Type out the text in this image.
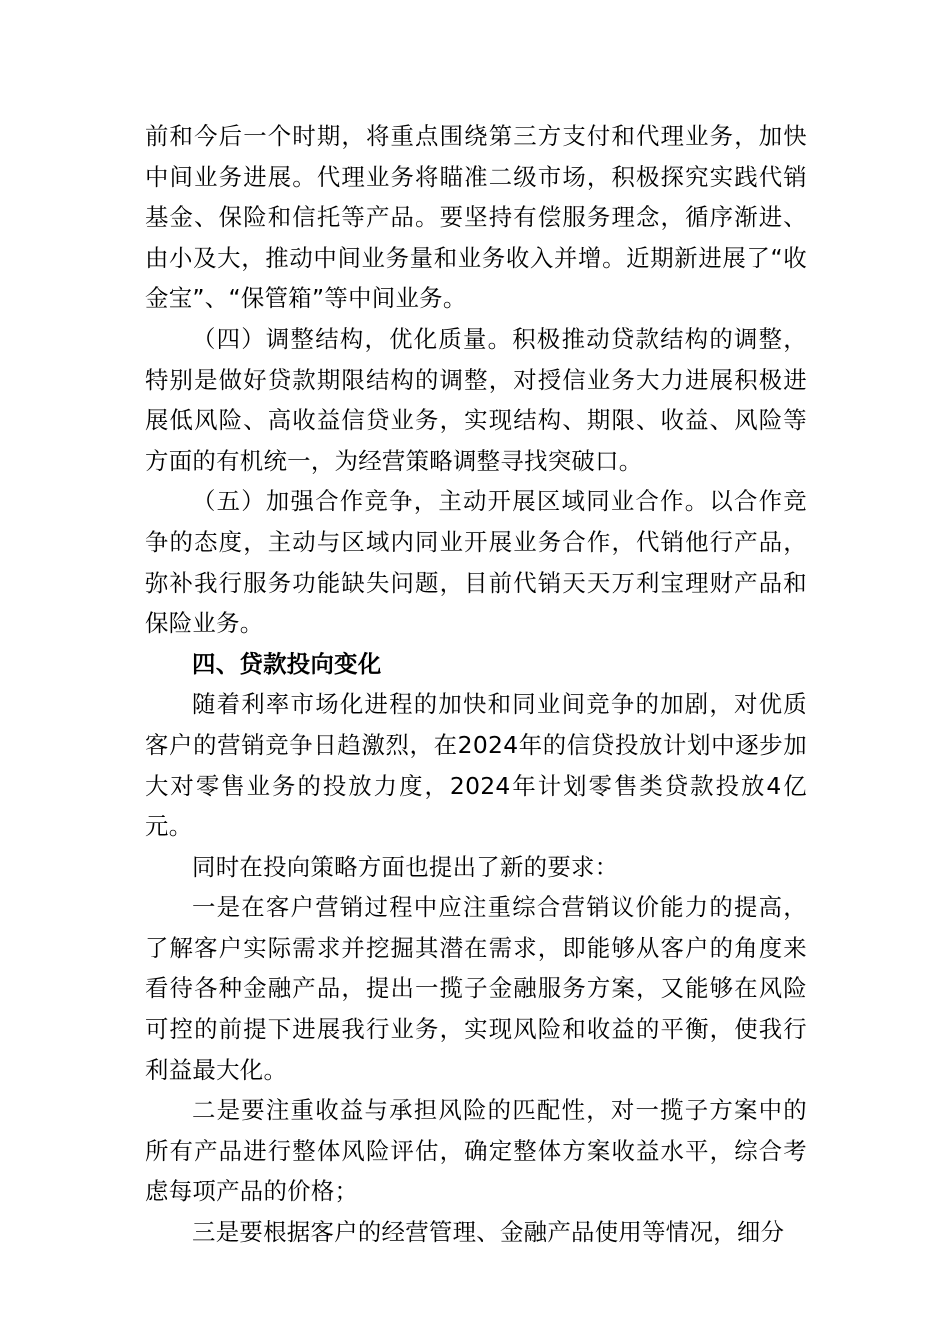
前和今后一个时期，将重点围绕第三方支付和代理业务，加快中间业务进展。代理业务将瞄准二级市场，积极探究实践代销基金、保险和信托等产品。要坚持有偿服务理念，循序渐进、由小及大，推动中间业务量和业务收入并增。近期新进展了“收金宝”、“保管箱”等中间业务。

（四）调整结构，优化质量。积极推动贷款结构的调整，特别是做好贷款期限结构的调整，对授信业务大力进展积极进展低风险、高收益信贷业务，实现结构、期限、收益、风险等方面的有机统一，为经营策略调整寻找突破口。

（五）加强合作竞争，主动开展区域同业合作。以合作竞争的态度，主动与区域内同业开展业务合作，代销他行产品，弥补我行服务功能缺失问题，目前代销天天万利宝理财产品和保险业务。

四、贷款投向变化

随着利率市场化进程的加快和同业间竞争的加剧，对优质客户的营销竞争日趋激烈，在2024年的信贷投放计划中逐步加大对零售业务的投放力度，2024年计划零售类贷款投放4亿元。

同时在投向策略方面也提出了新的要求：

一是在客户营销过程中应注重综合营销议价能力的提高，了解客户实际需求并挖掘其潜在需求，即能够从客户的角度来看待各种金融产品，提出一揽子金融服务方案，又能够在风险可控的前提下进展我行业务，实现风险和收益的平衡，使我行利益最大化。

二是要注重收益与承担风险的匹配性，对一揽子方案中的所有产品进行整体风险评估，确定整体方案收益水平，综合考虑每项产品的价格；

三是要根据客户的经营管理、金融产品使用等情况，细分
